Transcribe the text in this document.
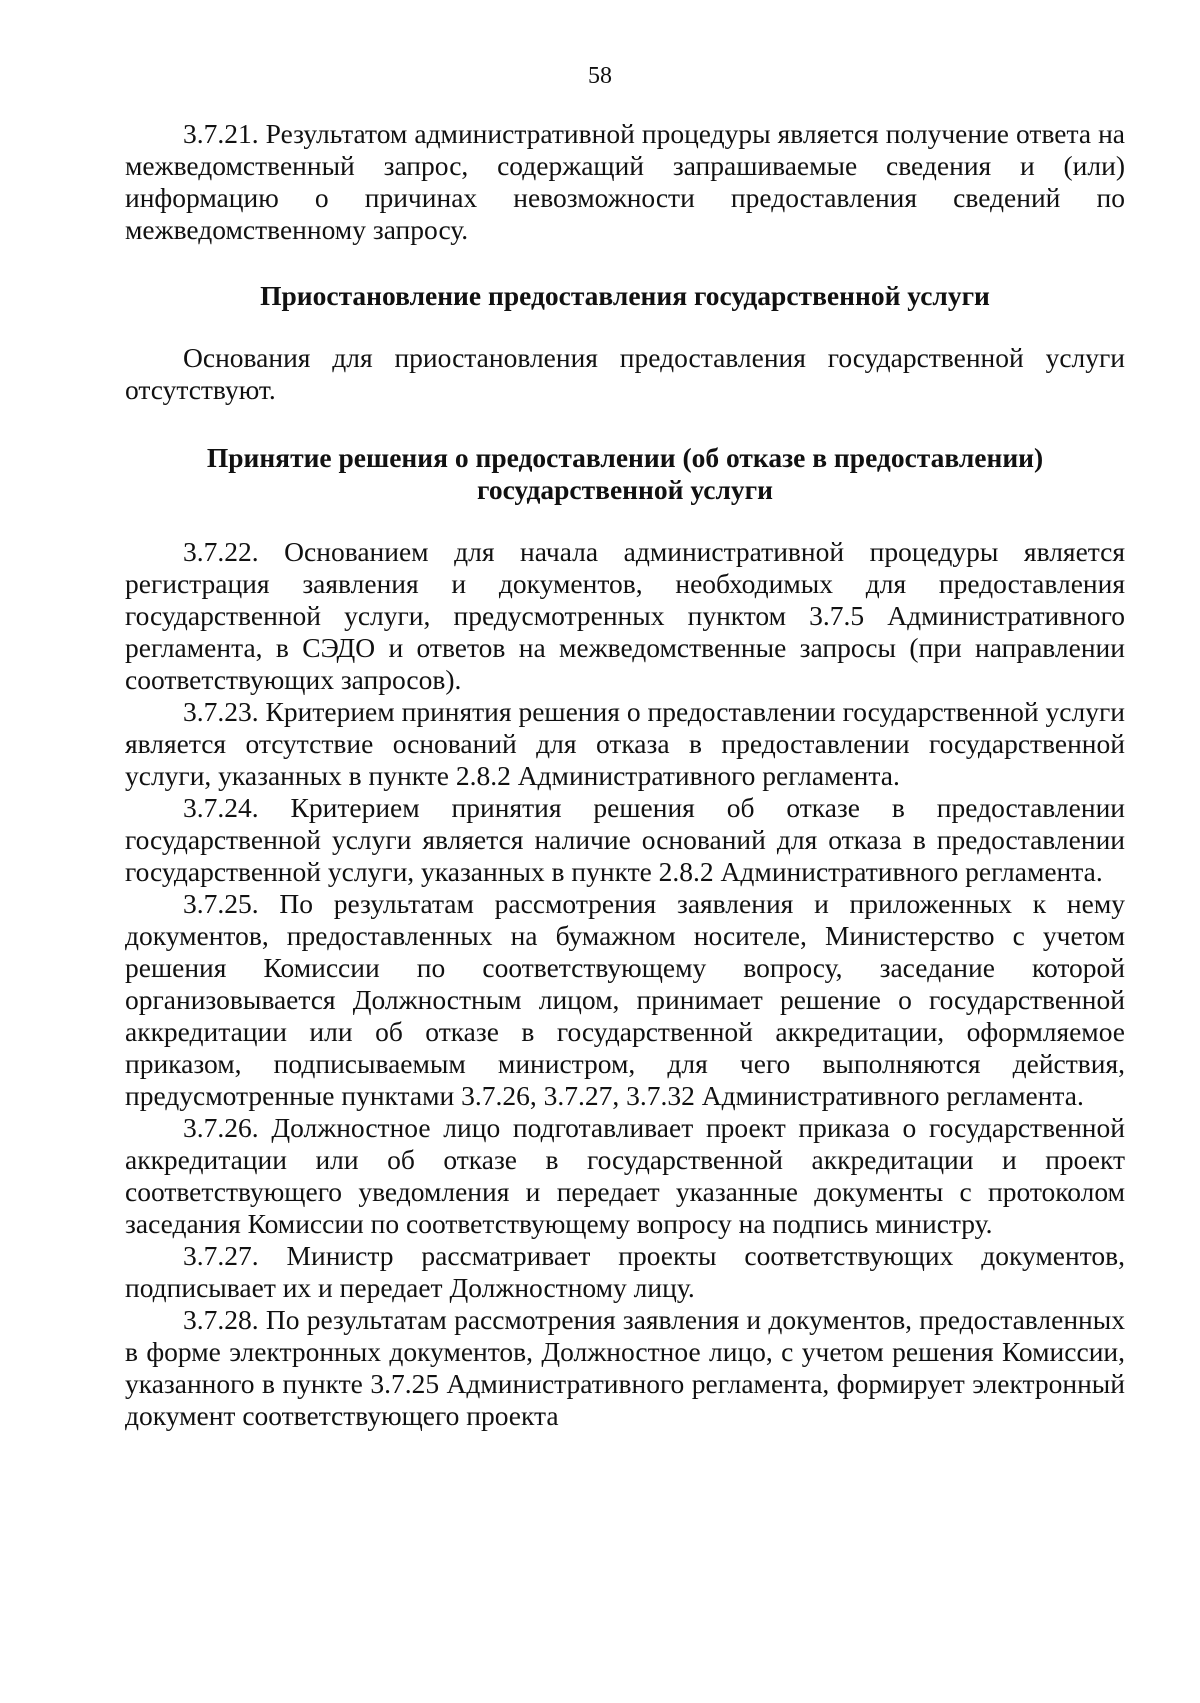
58

3.7.21. Результатом административной процедуры является получение ответа на межведомственный запрос, содержащий запрашиваемые сведения и (или) информацию о причинах невозможности предоставления сведений по межведомственному запросу.

Приостановление предоставления государственной услуги

Основания для приостановления предоставления государственной услуги отсутствуют.

Принятие решения о предоставлении (об отказе в предоставлении)

государственной услуги

3.7.22. Основанием для начала административной процедуры является регистрация заявления и документов, необходимых для предоставления государственной услуги, предусмотренных пунктом 3.7.5 Административного регламента, в СЭДО и ответов на межведомственные запросы (при направлении соответствующих запросов).

3.7.23. Критерием принятия решения о предоставлении государственной услуги является отсутствие оснований для отказа в предоставлении государственной услуги, указанных в пункте 2.8.2 Административного регламента.

3.7.24. Критерием принятия решения об отказе в предоставлении государственной услуги является наличие оснований для отказа в предоставлении государственной услуги, указанных в пункте 2.8.2 Административного регламента.

3.7.25. По результатам рассмотрения заявления и приложенных к нему документов, предоставленных на бумажном носителе, Министерство с учетом решения Комиссии по соответствующему вопросу, заседание которой организовывается Должностным лицом, принимает решение о государственной аккредитации или об отказе в государственной аккредитации, оформляемое приказом, подписываемым министром, для чего выполняются действия, предусмотренные пунктами 3.7.26, 3.7.27, 3.7.32 Административного регламента.

3.7.26. Должностное лицо подготавливает проект приказа о государственной аккредитации или об отказе в государственной аккредитации и проект соответствующего уведомления и передает указанные документы с протоколом заседания Комиссии по соответствующему вопросу на подпись министру.

3.7.27. Министр рассматривает проекты соответствующих документов, подписывает их и передает Должностному лицу.

3.7.28. По результатам рассмотрения заявления и документов, предоставленных в форме электронных документов, Должностное лицо, с учетом решения Комиссии, указанного в пункте 3.7.25 Административного регламента, формирует электронный документ соответствующего проекта
